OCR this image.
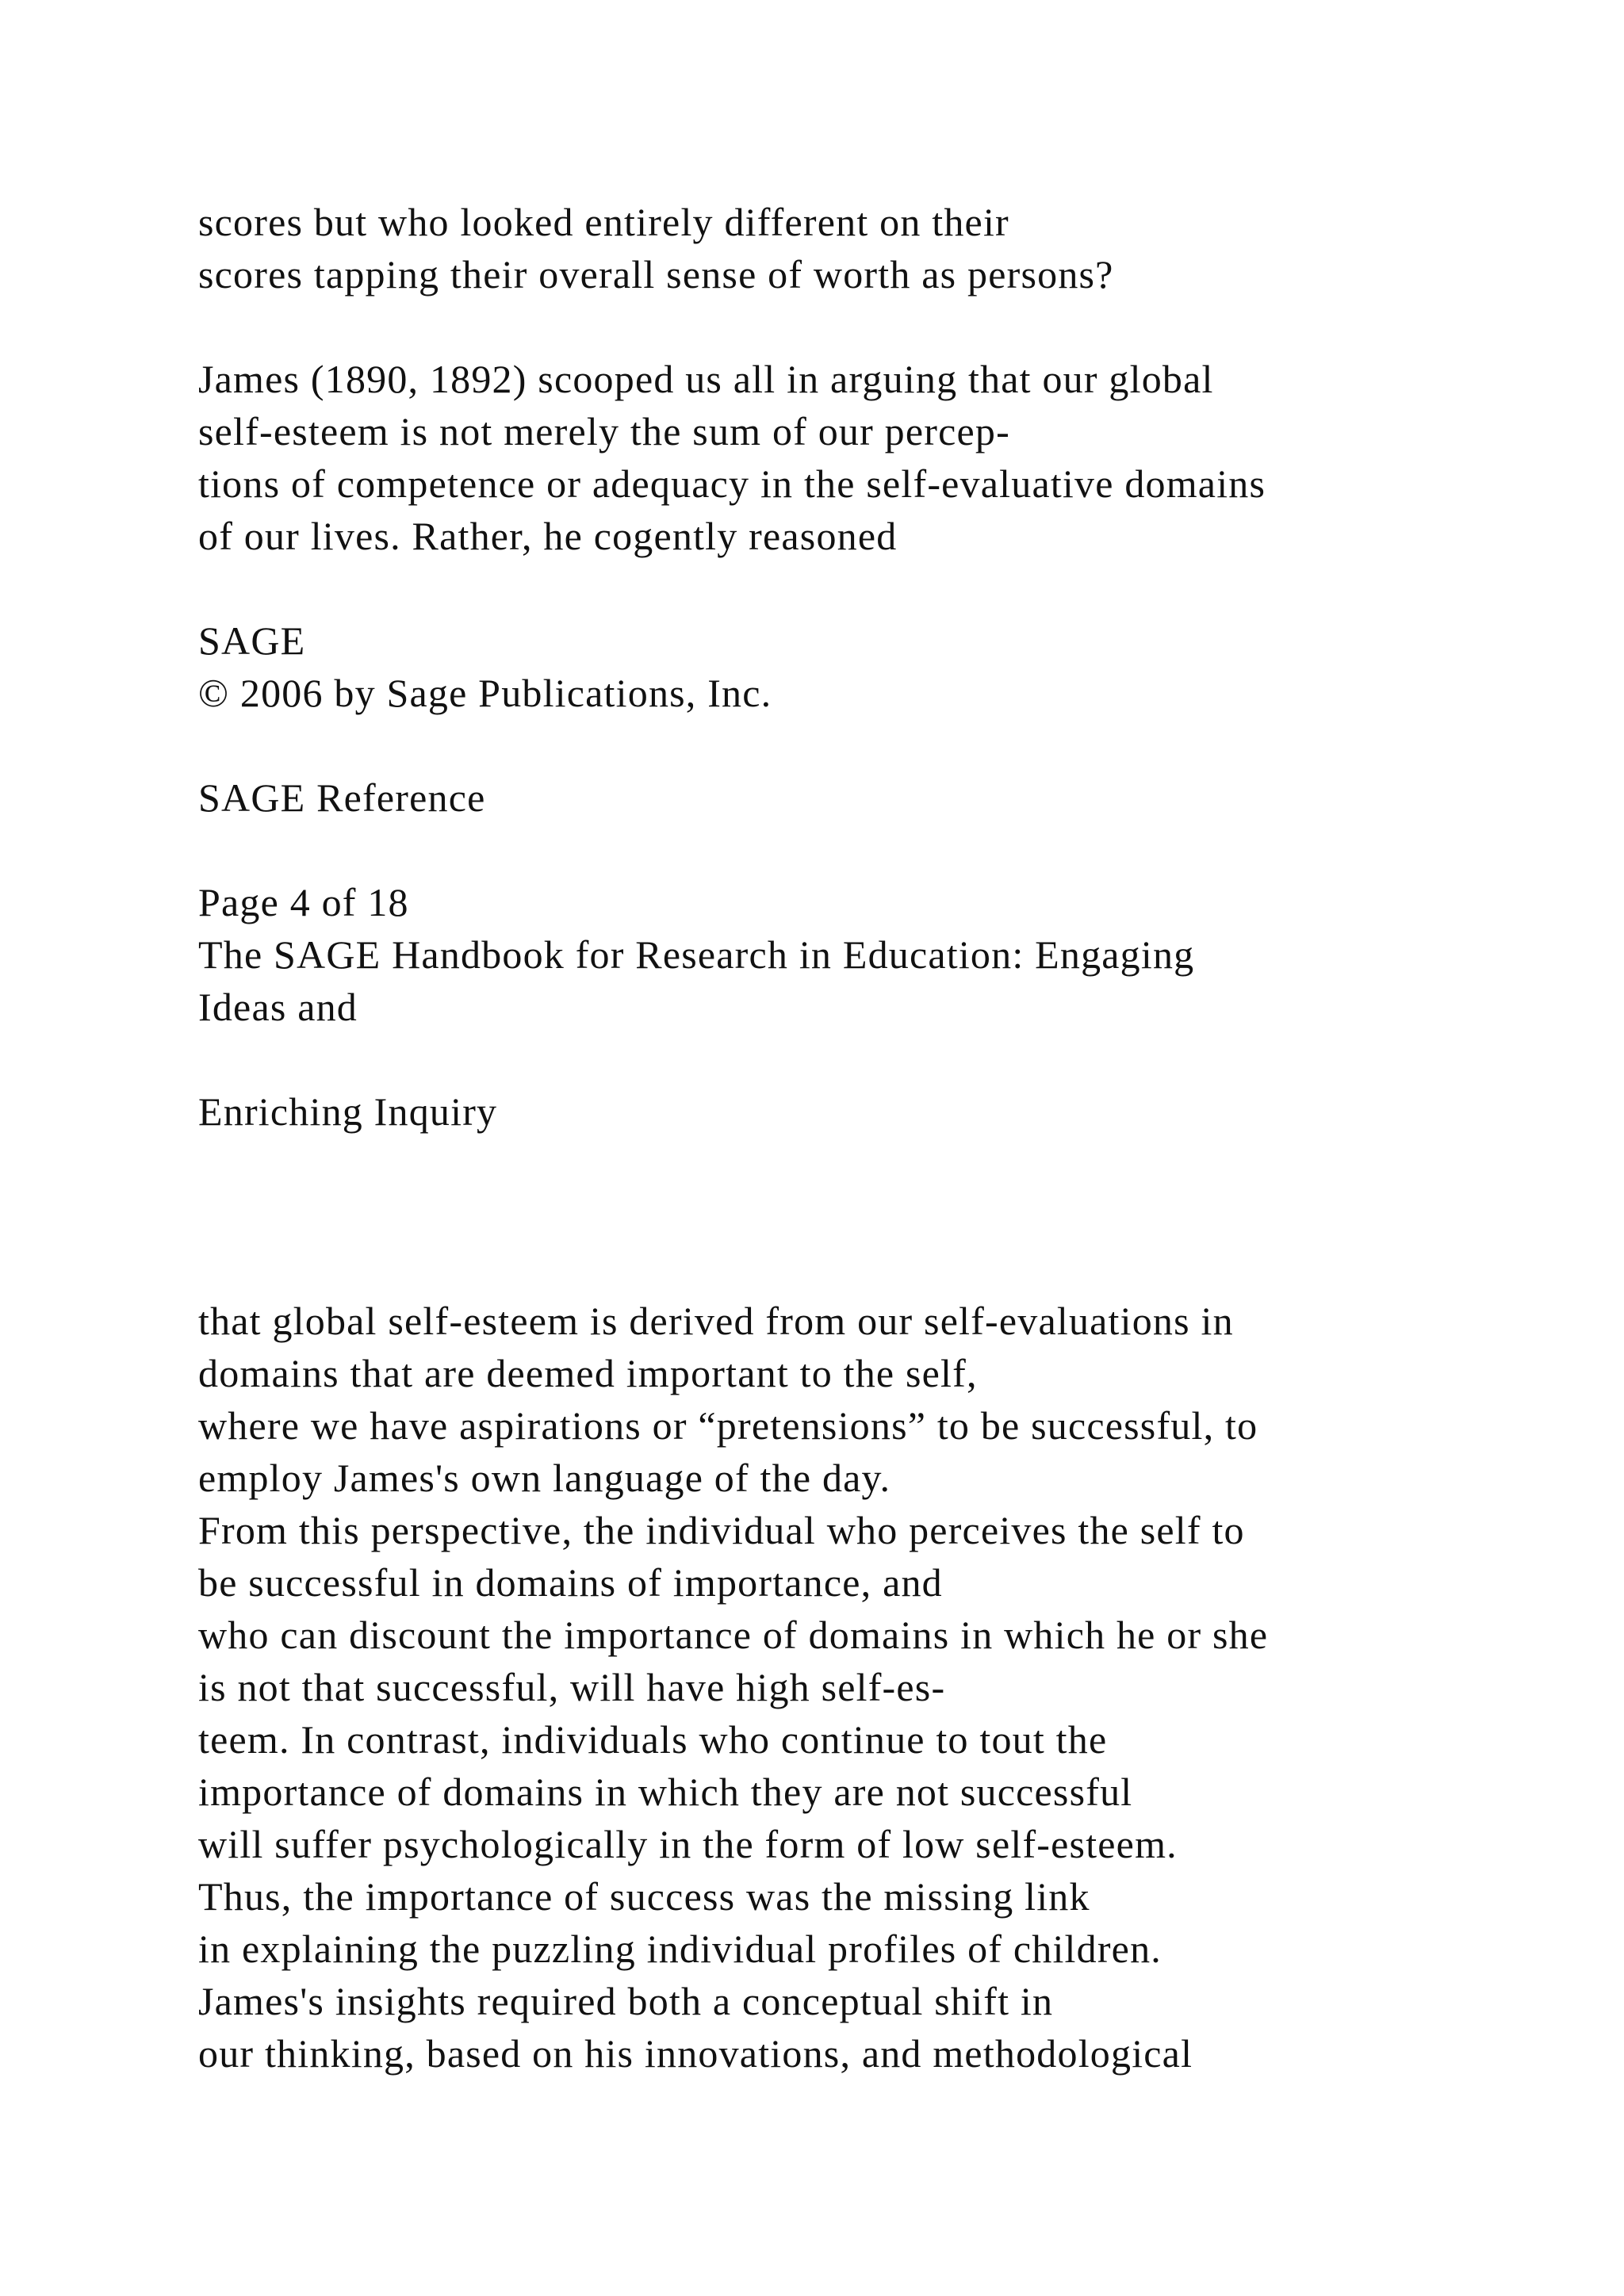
scores but who looked entirely different on their

scores tapping their overall sense of worth as persons?

James (1890, 1892) scooped us all in arguing that our global

self-esteem is not merely the sum of our percep-

tions of competence or adequacy in the self-evaluative domains

of our lives. Rather, he cogently reasoned

SAGE

© 2006 by Sage Publications, Inc.

SAGE Reference

Page 4 of 18

The SAGE Handbook for Research in Education: Engaging

Ideas and

Enriching Inquiry

that global self-esteem is derived from our self-evaluations in

domains that are deemed important to the self,

where we have aspirations or “pretensions” to be successful, to

employ James's own language of the day.

From this perspective, the individual who perceives the self to

be successful in domains of importance, and

who can discount the importance of domains in which he or she

is not that successful, will have high self-es-

teem. In contrast, individuals who continue to tout the

importance of domains in which they are not successful

will suffer psychologically in the form of low self-esteem.

Thus, the importance of success was the missing link

in explaining the puzzling individual profiles of children.

James's insights required both a conceptual shift in

our thinking, based on his innovations, and methodological
